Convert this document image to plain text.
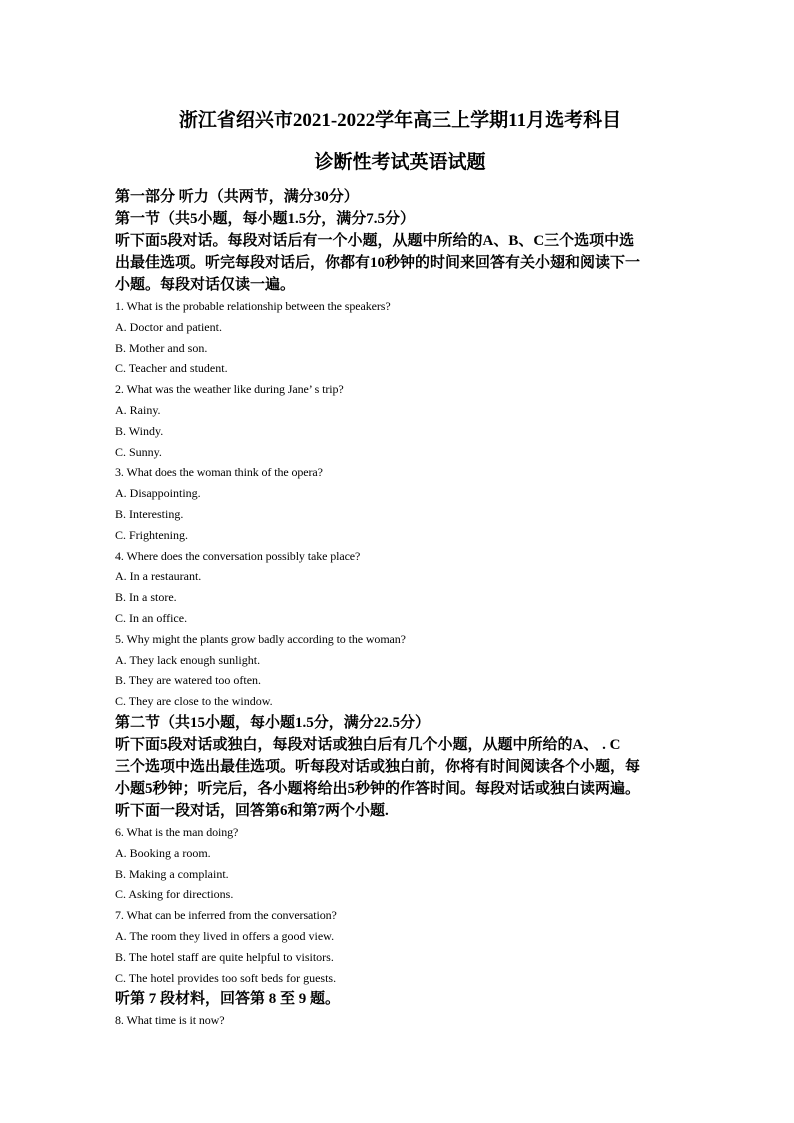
浙江省绍兴市2021-2022学年高三上学期11月选考科目

诊断性考试英语试题

第一部分 听力（共两节，满分30分）

第一节（共5小题，每小题1.5分，满分7.5分）

听下面5段对话。每段对话后有一个小题，从题中所给的A、B、C三个选项中选

出最佳选项。听完每段对话后，你都有10秒钟的时间来回答有关小翅和阅读下一

小题。每段对话仅读一遍。

1. What is the probable relationship between the speakers?

A. Doctor and patient.

B. Mother and son.

C. Teacher and student.

2. What was the weather like during Jane’ s trip?

A. Rainy.

B. Windy.

C. Sunny.

3. What does the woman think of the opera?

A. Disappointing.

B. Interesting.

C. Frightening.

4. Where does the conversation possibly take place?

A. In a restaurant.

B. In a store.

C. In an office.

5. Why might the plants grow badly according to the woman?

A. They lack enough sunlight.

B. They are watered too often.

C. They are close to the window.

第二节（共15小题，每小题1.5分，满分22.5分）

听下面5段对话或独白，每段对话或独白后有几个小题，从题中所给的A、 . C

三个选项中选出最佳选项。听每段对话或独白前，你将有时间阅读各个小题，每

小题5秒钟；听完后，各小题将给出5秒钟的作答时间。每段对话或独白读两遍。

听下面一段对话，回答第6和第7两个小题.

6. What is the man doing?

A. Booking a room.

B. Making a complaint.

C. Asking for directions.

7. What can be inferred from the conversation?

A. The room they lived in offers a good view.

B. The hotel staff are quite helpful to visitors.

C. The hotel provides too soft beds for guests.

听第 7 段材料，回答第 8 至 9 题。

8. What time is it now?
